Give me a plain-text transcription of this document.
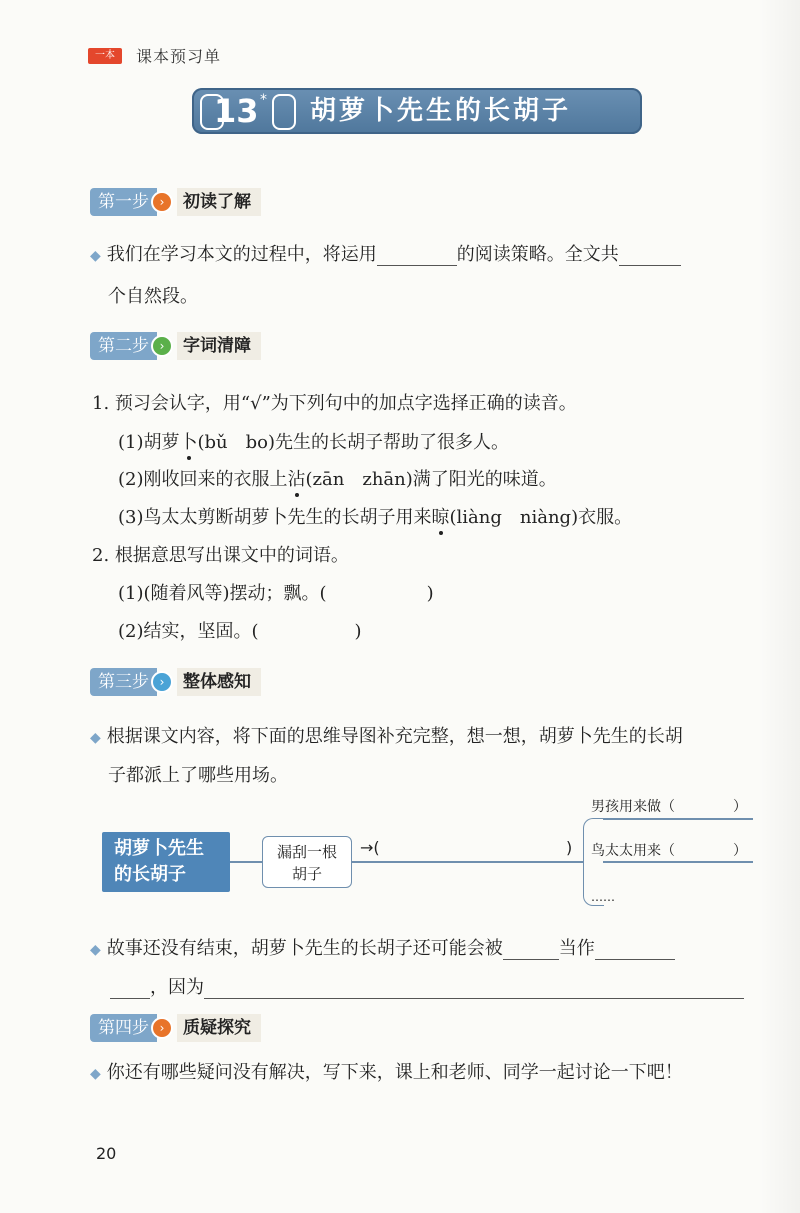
一本	课本预习单
13 * 胡萝卜先生的长胡子
第一步 ›	初读了解
◆ 我们在学习本文的过程中，将运用	的阅读策略。全文共
个自然段。
第二步 ›	字词清障
1. 预习会认字，用“√”为下列句中的加点字选择正确的读音。
(1)胡萝卜(bǔ　bo)先生的长胡子帮助了很多人。
(2)刚收回来的衣服上沾(zān　zhān)满了阳光的味道。
(3)鸟太太剪断胡萝卜先生的长胡子用来晾(liàng　niàng)衣服。
2. 根据意思写出课文中的词语。
(1)(随着风等)摆动；飘。(	)
(2)结实，坚固。(	)
第三步 ›	整体感知
◆ 根据课文内容，将下面的思维导图补充完整，想一想，胡萝卜先生的长胡
子都派上了哪些用场。
胡萝卜先生
的长胡子
漏刮一根
胡子
→(	)
男孩用来做（	）
鸟太太用来（	）
……
◆ 故事还没有结束，胡萝卜先生的长胡子还可能会被	当作
，因为
第四步 ›	质疑探究
◆ 你还有哪些疑问没有解决，写下来，课上和老师、同学一起讨论一下吧！
20
